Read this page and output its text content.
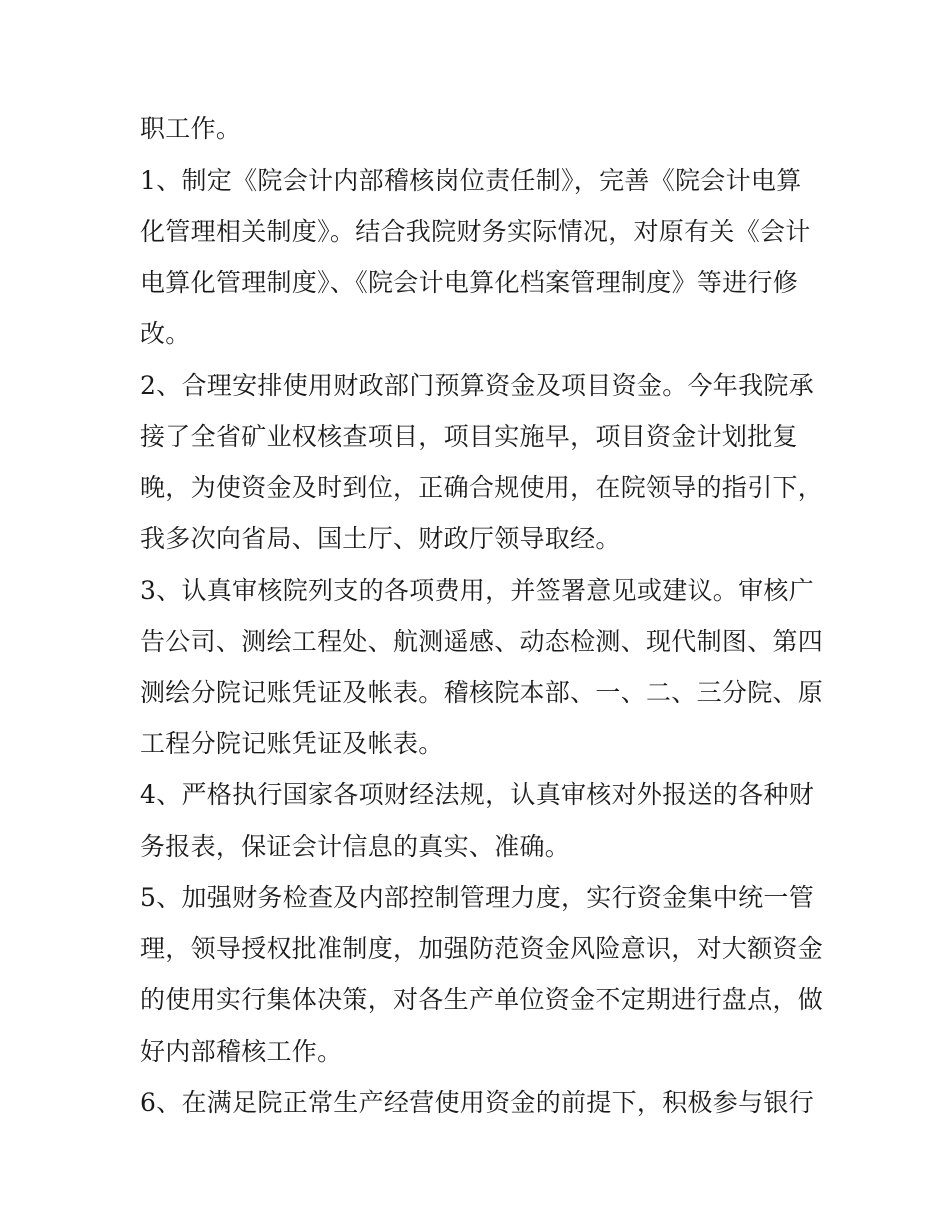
职工作。
1、制定《院会计内部稽核岗位责任制》，完善《院会计电算
化管理相关制度》。结合我院财务实际情况，对原有关《会计
电算化管理制度》、《院会计电算化档案管理制度》等进行修
改。
2、合理安排使用财政部门预算资金及项目资金。今年我院承
接了全省矿业权核查项目，项目实施早，项目资金计划批复
晚，为使资金及时到位，正确合规使用，在院领导的指引下，
我多次向省局、国土厅、财政厅领导取经。
3、认真审核院列支的各项费用，并签署意见或建议。审核广
告公司、测绘工程处、航测遥感、动态检测、现代制图、第四
测绘分院记账凭证及帐表。稽核院本部、一、二、三分院、原
工程分院记账凭证及帐表。
4、严格执行国家各项财经法规，认真审核对外报送的各种财
务报表，保证会计信息的真实、准确。
5、加强财务检查及内部控制管理力度，实行资金集中统一管
理，领导授权批准制度，加强防范资金风险意识，对大额资金
的使用实行集体决策，对各生产单位资金不定期进行盘点，做
好内部稽核工作。
6、在满足院正常生产经营使用资金的前提下，积极参与银行
